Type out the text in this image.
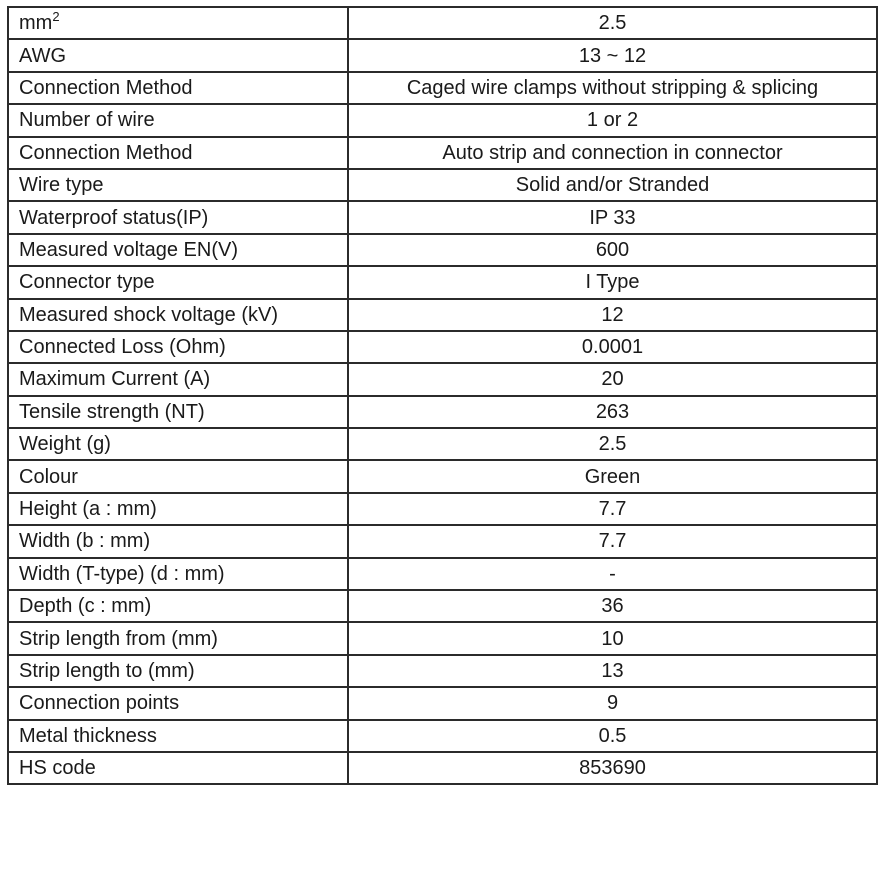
$mm^2$	2.5
AWG	13 ~ 12
Connection Method	Caged wire clamps without stripping & splicing
Number of wire	1 or 2
Connection Method	Auto strip and connection in connector
Wire type	Solid and/or Stranded
Waterproof status(IP)	IP 33
Measured voltage EN(V)	600
Connector type	I Type
Measured shock voltage (kV)	12
Connected Loss (Ohm)	0.0001
Maximum Current (A)	20
Tensile strength (NT)	263
Weight (g)	2.5
Colour	Green
Height (a : mm)	7.7
Width (b : mm)	7.7
Width (T-type) (d : mm)	-
Depth (c : mm)	36
Strip length from (mm)	10
Strip length to (mm)	13
Connection points	9
Metal thickness	0.5
HS code	853690
